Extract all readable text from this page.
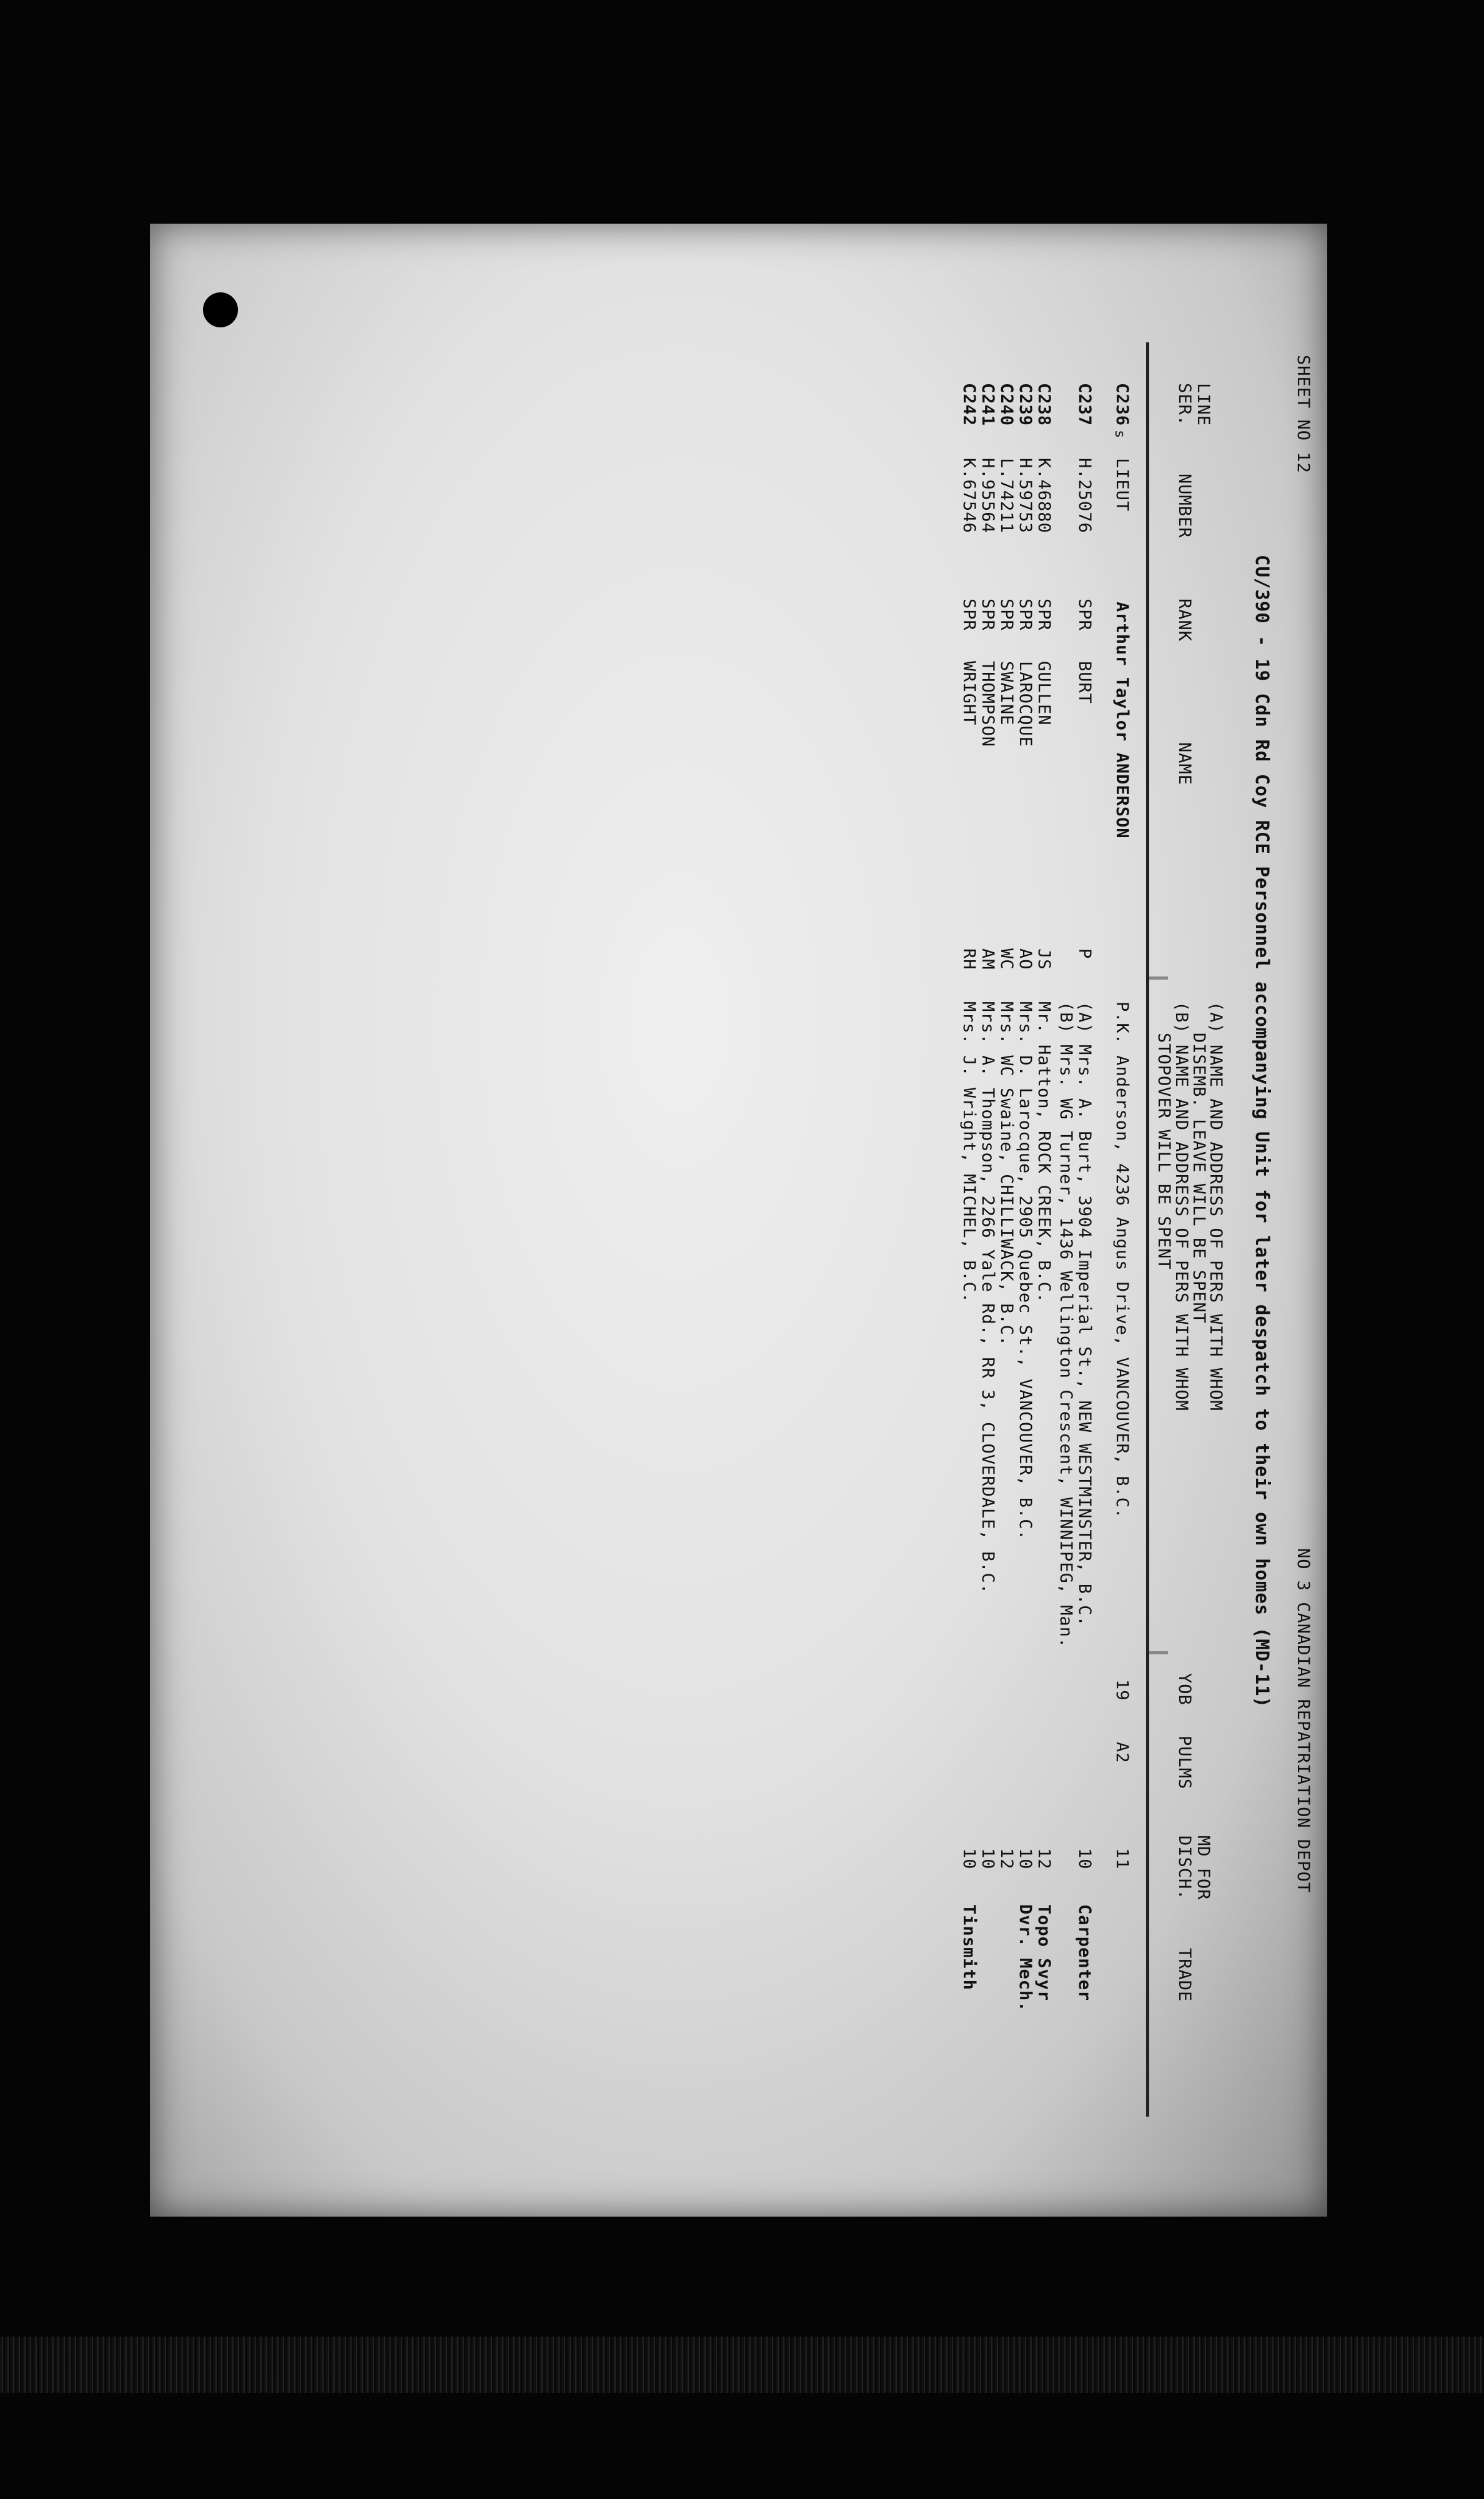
SHEET NO 12
NO 3 CANADIAN REPATRIATION DEPOT
CU/390 - 19 Cdn Rd Coy RCE Personnel accompanying Unit for later despatch to their own homes (MD-11)
LINE
SER.
NUMBER
RANK
NAME
(A) NAME AND ADDRESS OF PERS WITH WHOM
DISEMB. LEAVE WILL BE SPENT
(B) NAME AND ADDRESS OF PERS WITH WHOM
STOPOVER WILL BE SPENT
YOB
PULMS
MD FOR
DISCH.
TRADE
C236
s
LIEUT
Arthur Taylor ANDERSON
P.K. Anderson, 4236 Angus Drive, VANCOUVER, B.C.
19
A2
11
C237
H.25076
SPR
BURT
P
(A) Mrs. A. Burt, 3904 Imperial St., NEW WESTMINSTER, B.C.
(B) Mrs. WG Turner, 1436 Wellington Crescent, WINNIPEG, Man.
10
Carpenter
C238
K.46880
SPR
GULLEN
JS
Mr. Hatton, ROCK CREEK, B.C.
12
Topo Svyr
C239
H.59753
SPR
LAROCQUE
AO
Mrs. D. Larocque, 2905 Quebec St., VANCOUVER, B.C.
10
Dvr. Mech.
C240
L.74211
SPR
SWAINE
WC
Mrs. WC Swaine, CHILLIWACK, B.C.
12
C241
H.95564
SPR
THOMPSON
AM
Mrs. A. Thompson, 2266 Yale Rd., RR 3, CLOVERDALE, B.C.
10
C242
K.67546
SPR
WRIGHT
RH
Mrs. J. Wright, MICHEL, B.C.
10
Tinsmith
